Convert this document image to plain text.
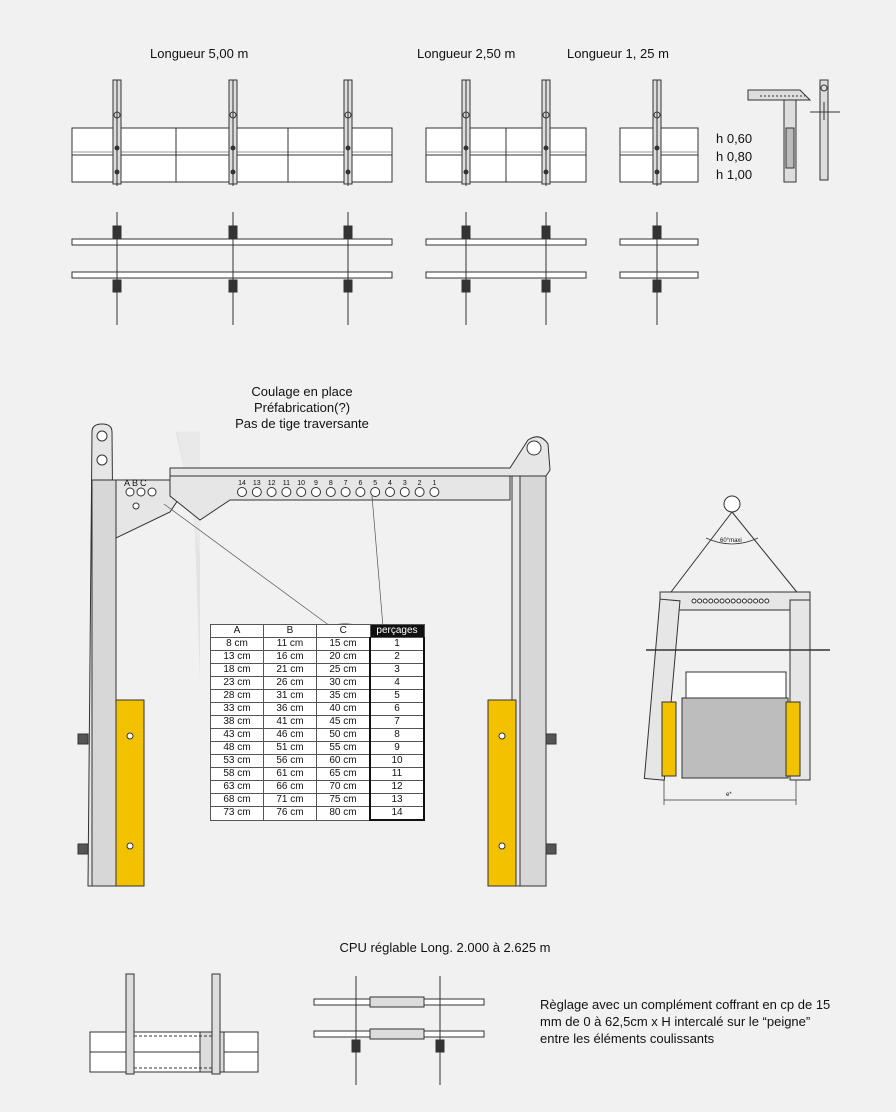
Longueur 5,00 m	Longueur 2,50 m	Longueur 1, 25 m
h 0,60
h 0,80
h 1,00
Coulage en place
Préfabrication(?)
Pas de tige traversante
ABC	14	13	12	11	10	9	8	7	6	5	4	3	2	1
A	B	C	perçages
8 cm	11 cm	15 cm	1
13 cm	16 cm	20 cm	2
18 cm	21 cm	25 cm	3
23 cm	26 cm	30 cm	4
28 cm	31 cm	35 cm	5
33 cm	36 cm	40 cm	6
38 cm	41 cm	45 cm	7
43 cm	46 cm	50 cm	8
48 cm	51 cm	55 cm	9
53 cm	56 cm	60 cm	10
58 cm	61 cm	65 cm	11
63 cm	66 cm	70 cm	12
68 cm	71 cm	75 cm	13
73 cm	76 cm	80 cm	14
60°maxi
e*
CPU réglable Long. 2.000 à 2.625 m
Règlage avec un complément coffrant en cp de 15 mm de 0 à 62,5cm x H intercalé sur le “peigne” entre les éléments coulissants
